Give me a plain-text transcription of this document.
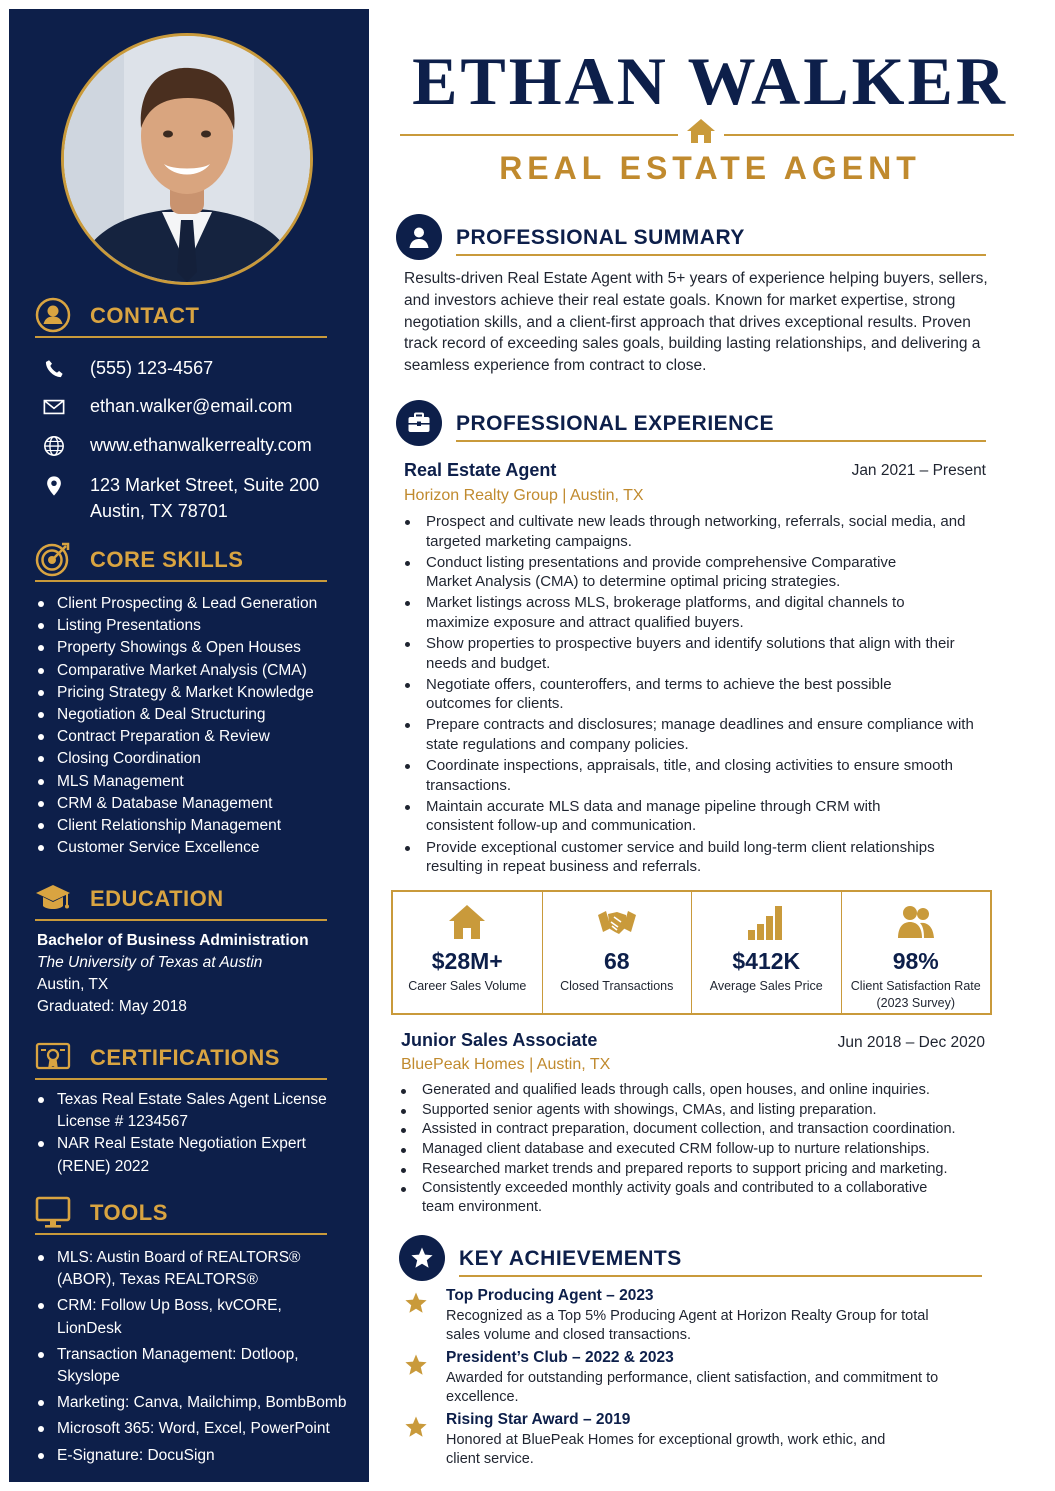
CONTACT
(555) 123-4567
ethan.walker@email.com
www.ethanwalkerrealty.com
123 Market Street, Suite 200
Austin, TX 78701
CORE SKILLS
Client Prospecting & Lead Generation
Listing Presentations
Property Showings & Open Houses
Comparative Market Analysis (CMA)
Pricing Strategy & Market Knowledge
Negotiation & Deal Structuring
Contract Preparation & Review
Closing Coordination
MLS Management
CRM & Database Management
Client Relationship Management
Customer Service Excellence
EDUCATION
Bachelor of Business Administration
The University of Texas at Austin
Austin, TX
Graduated: May 2018
CERTIFICATIONS
Texas Real Estate Sales Agent License License # 1234567
NAR Real Estate Negotiation Expert (RENE) 2022
TOOLS
MLS: Austin Board of REALTORS® (ABOR), Texas REALTORS®
CRM: Follow Up Boss, kvCORE, LionDesk
Transaction Management: Dotloop, Skyslope
Marketing: Canva, Mailchimp, BombBomb
Microsoft 365: Word, Excel, PowerPoint
E-Signature: DocuSign
ETHAN WALKER
REAL ESTATE AGENT
PROFESSIONAL SUMMARY
Results-driven Real Estate Agent with 5+ years of experience helping buyers, sellers, and investors achieve their real estate goals. Known for market expertise, strong negotiation skills, and a client-first approach that drives exceptional results. Proven track record of exceeding sales goals, building lasting relationships, and delivering a seamless experience from contract to close.
PROFESSIONAL EXPERIENCE
Real Estate Agent	Jan 2021 – Present
Horizon Realty Group | Austin, TX
Prospect and cultivate new leads through networking, referrals, social media, and targeted marketing campaigns.
Conduct listing presentations and provide comprehensive Comparative Market Analysis (CMA) to determine optimal pricing strategies.
Market listings across MLS, brokerage platforms, and digital channels to maximize exposure and attract qualified buyers.
Show properties to prospective buyers and identify solutions that align with their needs and budget.
Negotiate offers, counteroffers, and terms to achieve the best possible outcomes for clients.
Prepare contracts and disclosures; manage deadlines and ensure compliance with state regulations and company policies.
Coordinate inspections, appraisals, title, and closing activities to ensure smooth transactions.
Maintain accurate MLS data and manage pipeline through CRM with consistent follow-up and communication.
Provide exceptional customer service and build long-term client relationships resulting in repeat business and referrals.
$28M+
Career Sales Volume
68
Closed Transactions
$412K
Average Sales Price
98%
Client Satisfaction Rate
(2023 Survey)
Junior Sales Associate	Jun 2018 – Dec 2020
BluePeak Homes | Austin, TX
Generated and qualified leads through calls, open houses, and online inquiries.
Supported senior agents with showings, CMAs, and listing preparation.
Assisted in contract preparation, document collection, and transaction coordination.
Managed client database and executed CRM follow-up to nurture relationships.
Researched market trends and prepared reports to support pricing and marketing.
Consistently exceeded monthly activity goals and contributed to a collaborative team environment.
KEY ACHIEVEMENTS
Top Producing Agent – 2023
Recognized as a Top 5% Producing Agent at Horizon Realty Group for total sales volume and closed transactions.
President’s Club – 2022 & 2023
Awarded for outstanding performance, client satisfaction, and commitment to excellence.
Rising Star Award – 2019
Honored at BluePeak Homes for exceptional growth, work ethic, and client service.
